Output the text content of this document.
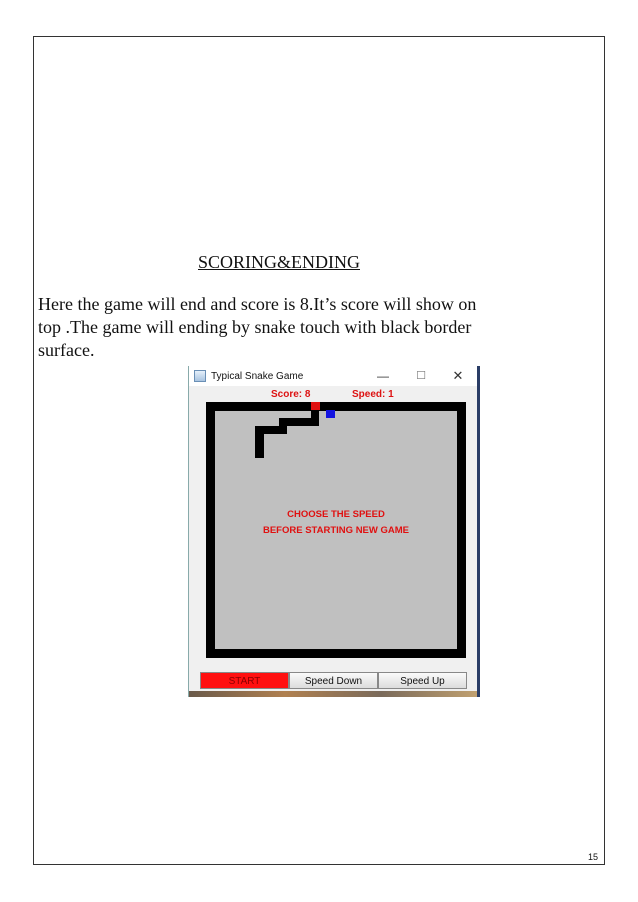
SCORING&ENDING

Here the game will end and score is 8.It’s score will show on
top .The game will ending by snake touch with black border
surface.

Typical Snake Game	—	☐	✕
Score: 8	Speed: 1
CHOOSE THE SPEED
BEFORE STARTING NEW GAME
START	Speed Down	Speed Up
15
